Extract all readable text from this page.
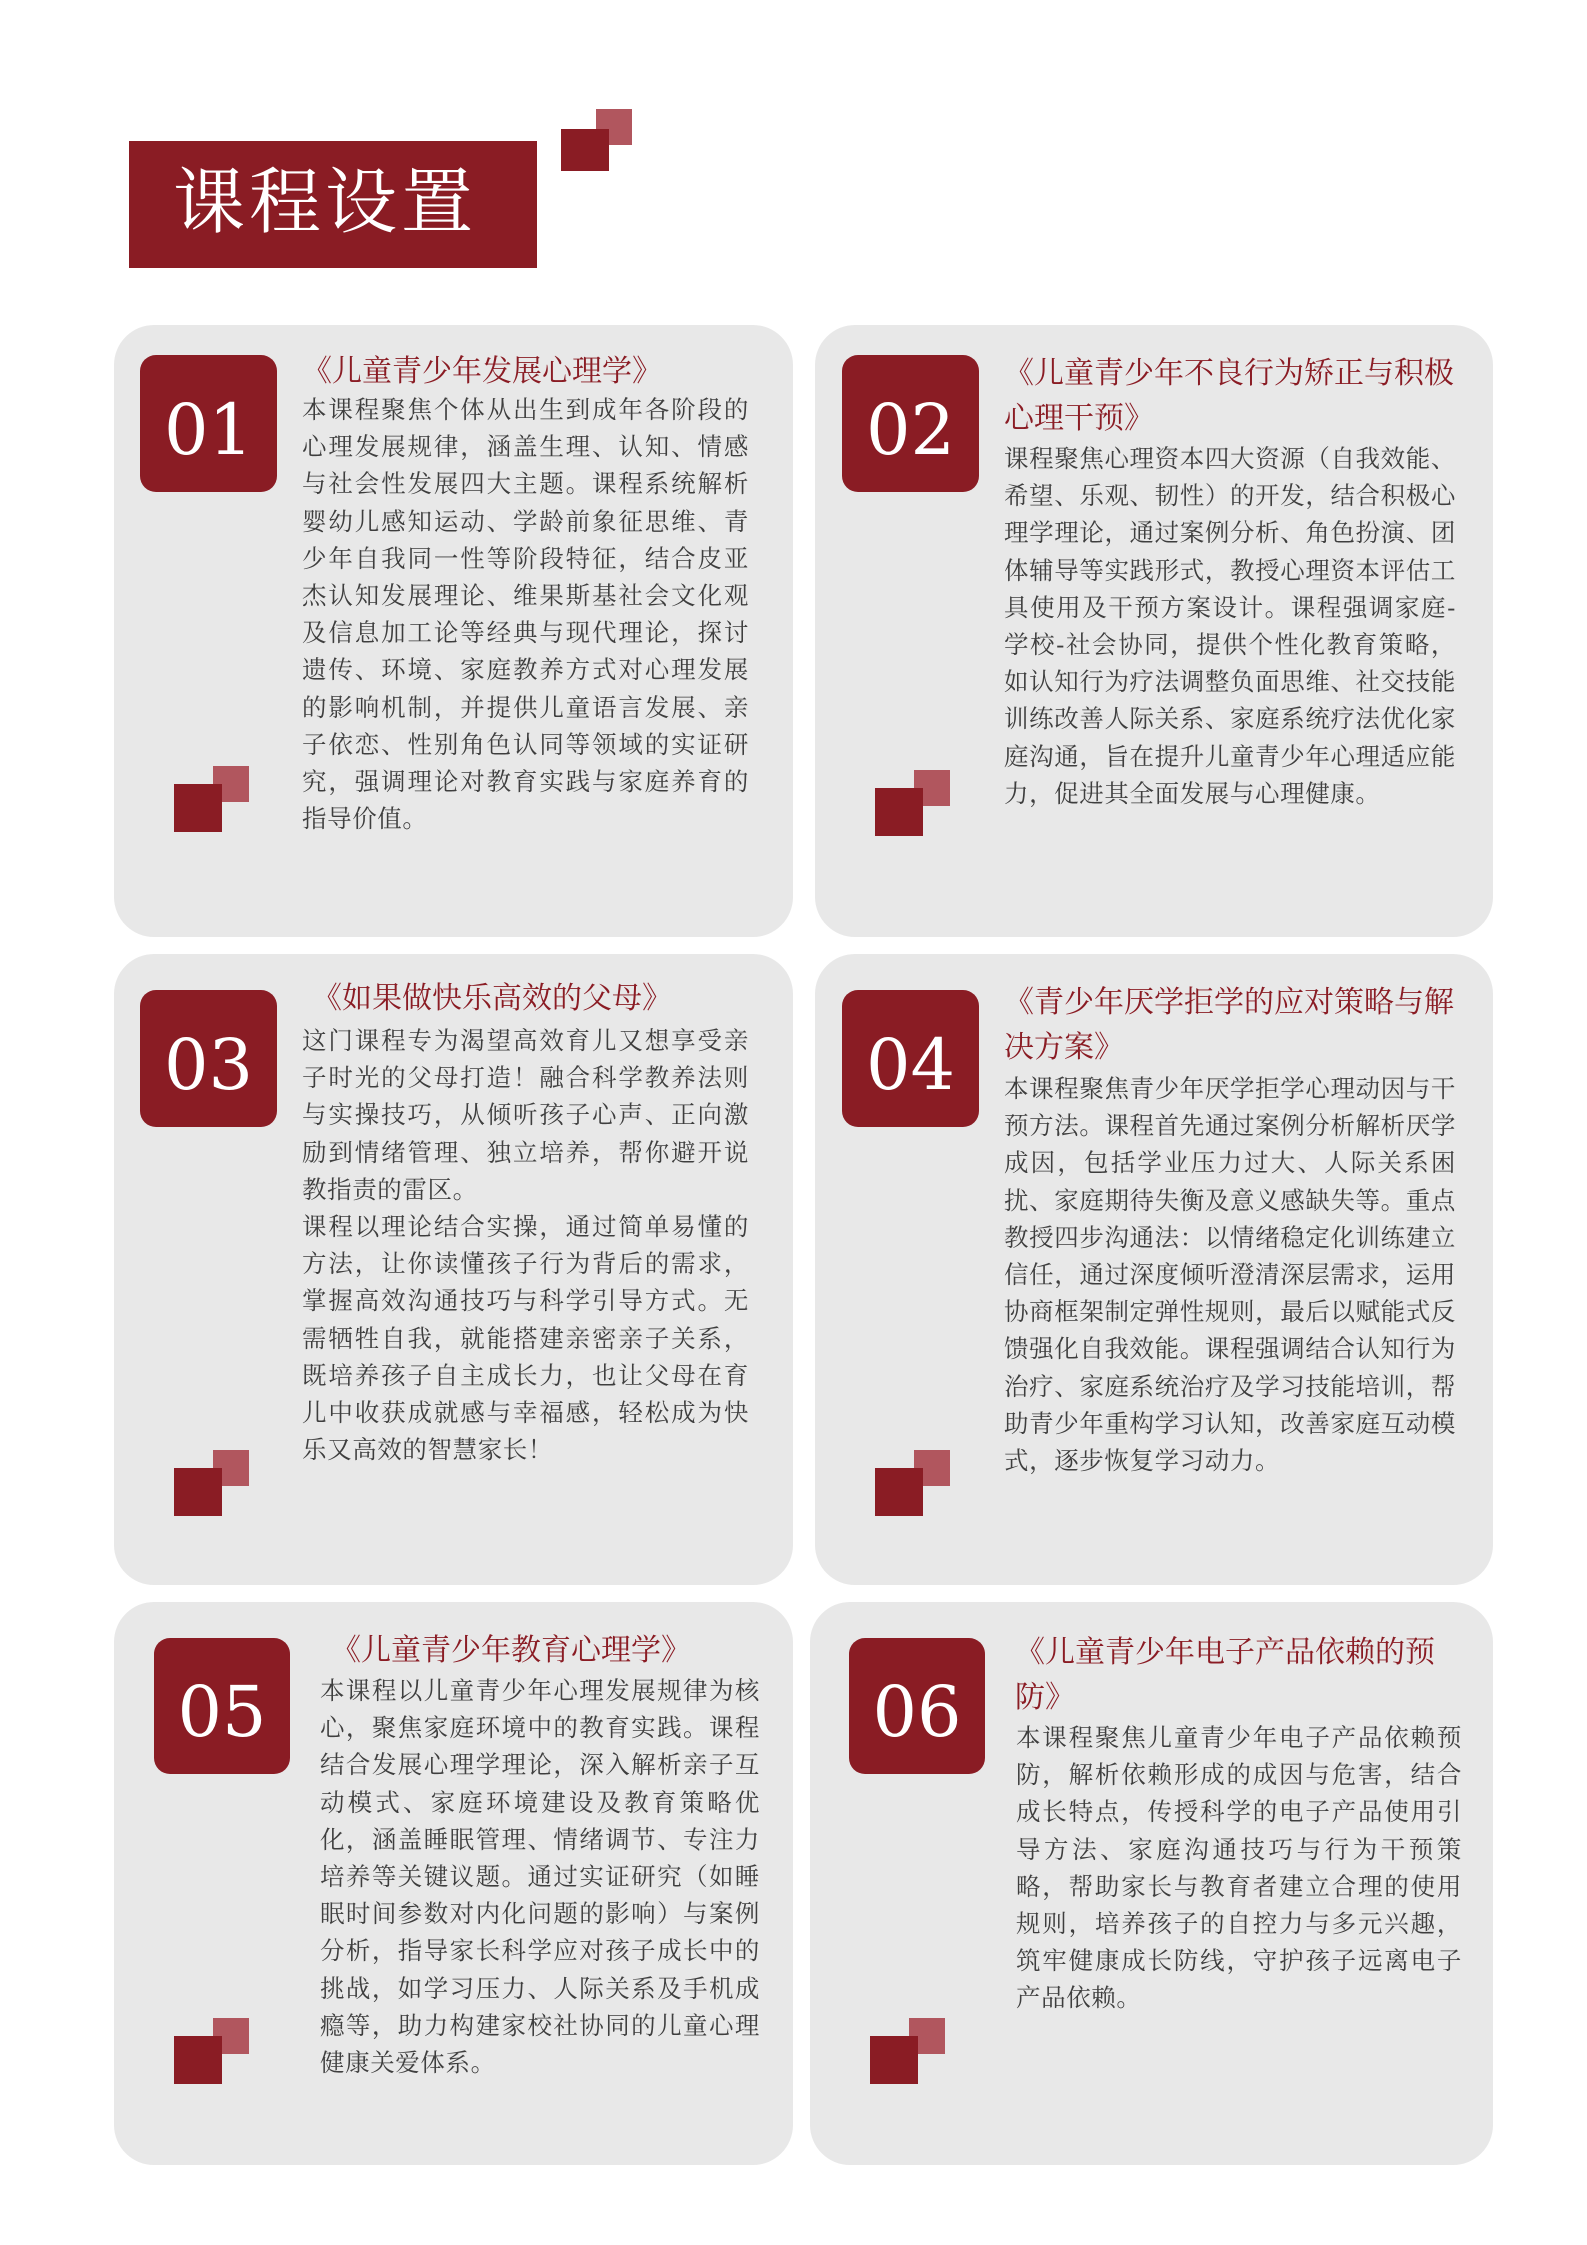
课程设置
01
《儿童青少年发展心理学》

本课程聚焦个体从出生到成年各阶段的心理发展规律，涵盖生理、认知、情感与社会性发展四大主题。课程系统解析婴幼儿感知运动、学龄前象征思维、青少年自我同一性等阶段特征，结合皮亚杰认知发展理论、维果斯基社会文化观及信息加工论等经典与现代理论，探讨遗传、环境、家庭教养方式对心理发展的影响机制，并提供儿童语言发展、亲子依恋、性别角色认同等领域的实证研究，强调理论对教育实践与家庭养育的指导价值。

02
《儿童青少年不良行为矫正与积极心理干预》

课程聚焦心理资本四大资源（自我效能、希望、乐观、韧性）的开发，结合积极心理学理论，通过案例分析、角色扮演、团体辅导等实践形式，教授心理资本评估工具使用及干预方案设计。课程强调家庭-学校-社会协同，提供个性化教育策略，如认知行为疗法调整负面思维、社交技能训练改善人际关系、家庭系统疗法优化家庭沟通，旨在提升儿童青少年心理适应能力，促进其全面发展与心理健康。

03
《如果做快乐高效的父母》

这门课程专为渴望高效育儿又想享受亲子时光的父母打造！融合科学教养法则与实操技巧，从倾听孩子心声、正向激励到情绪管理、独立培养，帮你避开说教指责的雷区。

课程以理论结合实操，通过简单易懂的方法，让你读懂孩子行为背后的需求，掌握高效沟通技巧与科学引导方式。无需牺牲自我，就能搭建亲密亲子关系，既培养孩子自主成长力，也让父母在育儿中收获成就感与幸福感，轻松成为快乐又高效的智慧家长！

04
《青少年厌学拒学的应对策略与解决方案》

本课程聚焦青少年厌学拒学心理动因与干预方法。课程首先通过案例分析解析厌学成因，包括学业压力过大、人际关系困扰、家庭期待失衡及意义感缺失等。重点教授四步沟通法：以情绪稳定化训练建立信任，通过深度倾听澄清深层需求，运用协商框架制定弹性规则，最后以赋能式反馈强化自我效能。课程强调结合认知行为治疗、家庭系统治疗及学习技能培训，帮助青少年重构学习认知，改善家庭互动模式，逐步恢复学习动力。

05
《儿童青少年教育心理学》

本课程以儿童青少年心理发展规律为核心，聚焦家庭环境中的教育实践。课程结合发展心理学理论，深入解析亲子互动模式、家庭环境建设及教育策略优化，涵盖睡眠管理、情绪调节、专注力培养等关键议题。通过实证研究（如睡眠时间参数对内化问题的影响）与案例分析，指导家长科学应对孩子成长中的挑战，如学习压力、人际关系及手机成瘾等，助力构建家校社协同的儿童心理健康关爱体系。

06
《儿童青少年电子产品依赖的预防》

本课程聚焦儿童青少年电子产品依赖预防，解析依赖形成的成因与危害，结合成长特点，传授科学的电子产品使用引导方法、家庭沟通技巧与行为干预策略，帮助家长与教育者建立合理的使用规则，培养孩子的自控力与多元兴趣，筑牢健康成长防线，守护孩子远离电子产品依赖。
